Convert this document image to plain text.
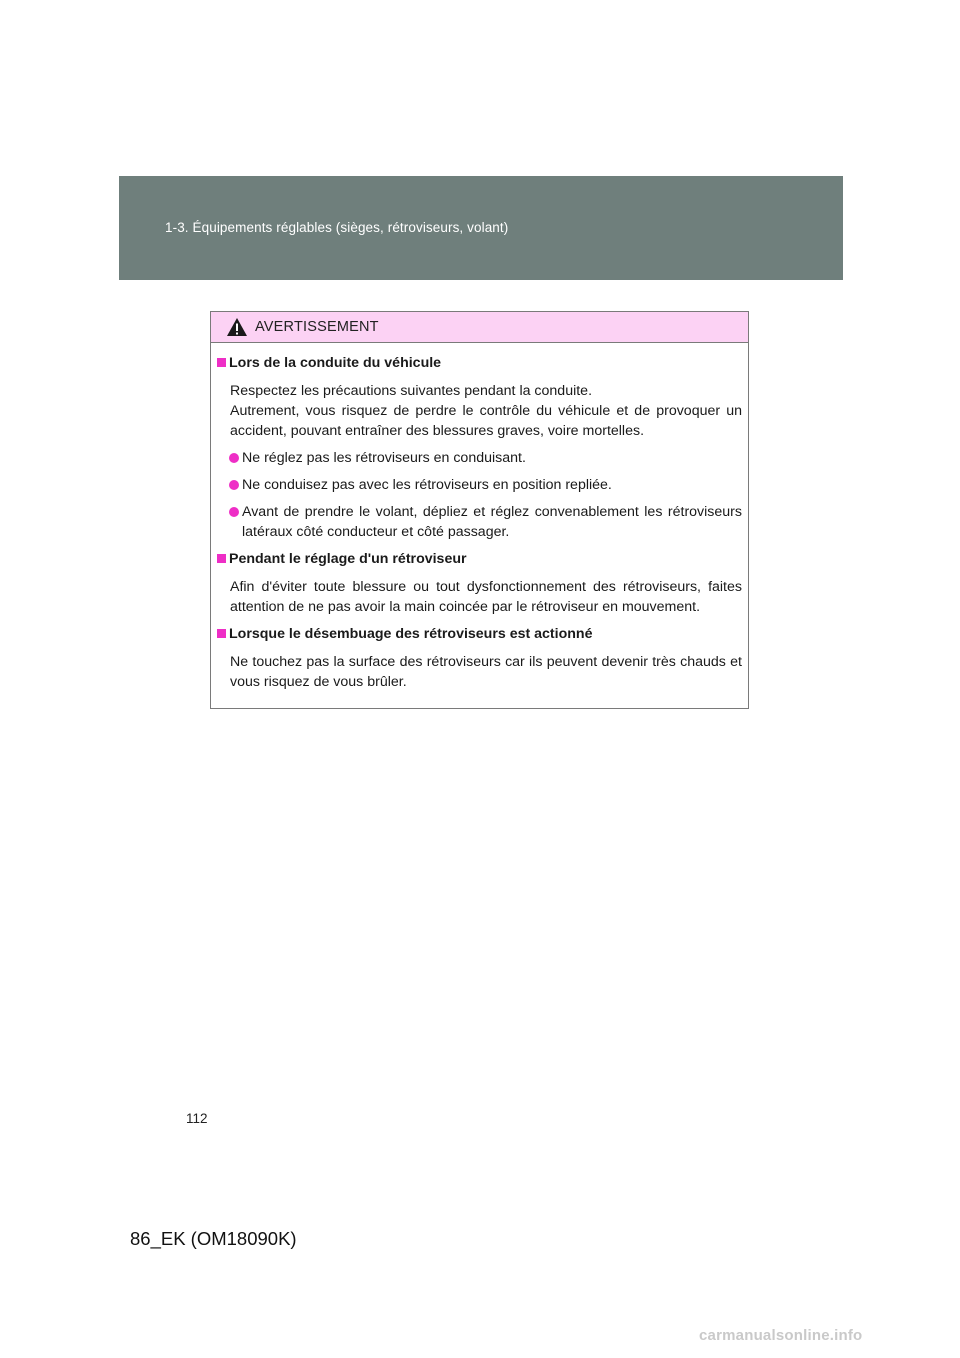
1-3. Équipements réglables (sièges, rétroviseurs, volant)
AVERTISSEMENT
Lors de la conduite du véhicule
Respectez les précautions suivantes pendant la conduite.
Autrement, vous risquez de perdre le contrôle du véhicule et de provoquer un accident, pouvant entraîner des blessures graves, voire mortelles.
Ne réglez pas les rétroviseurs en conduisant.
Ne conduisez pas avec les rétroviseurs en position repliée.
Avant de prendre le volant, dépliez et réglez convenablement les rétroviseurs latéraux côté conducteur et côté passager.
Pendant le réglage d'un rétroviseur
Afin d'éviter toute blessure ou tout dysfonctionnement des rétroviseurs, faites attention de ne pas avoir la main coincée par le rétroviseur en mouvement.
Lorsque le désembuage des rétroviseurs est actionné
Ne touchez pas la surface des rétroviseurs car ils peuvent devenir très chauds et vous risquez de vous brûler.
112
86_EK (OM18090K)
carmanualsonline.info
